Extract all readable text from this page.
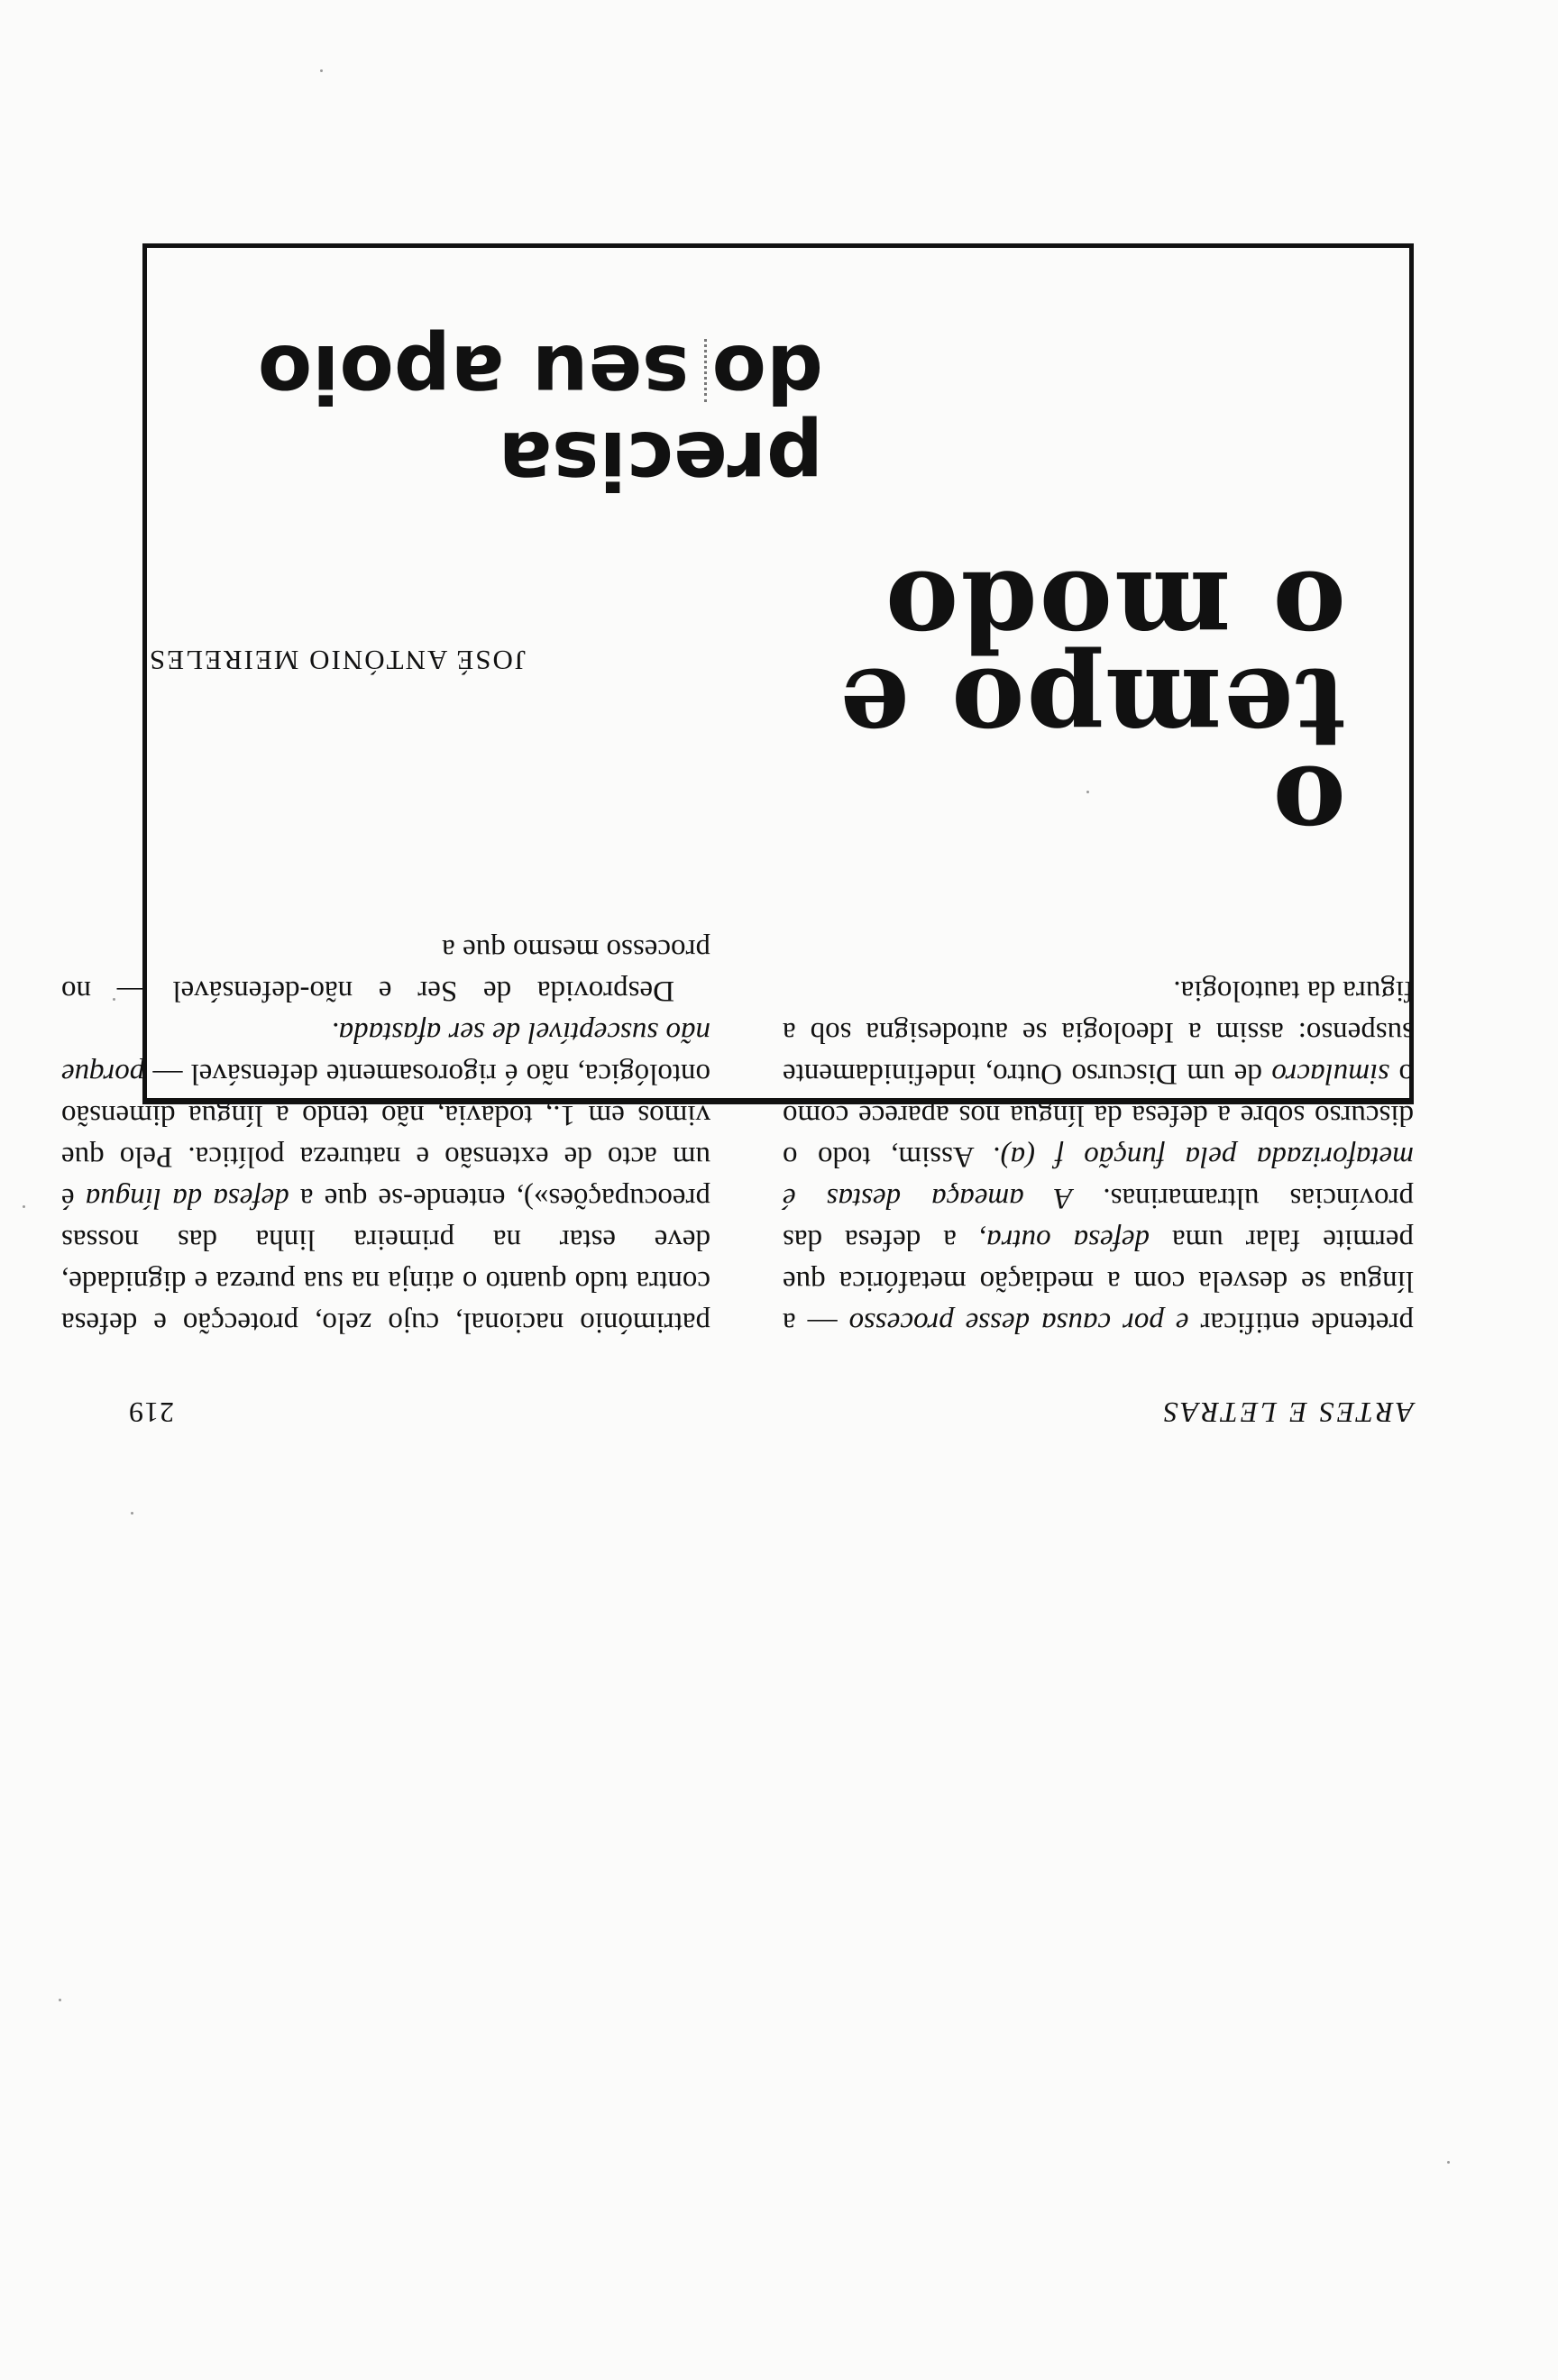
219	ARTES E LETRAS

pretende entificar e por causa desse processo — a língua se desvela com a mediação metafórica que permite falar uma defesa outra, a defesa das províncias ultramarinas. A ameaça destas é metaforizada pela função f (a). Assim, todo o discurso sobre a defesa da língua nos aparece como o simulacro de um Discurso Outro, indefinidamente suspenso: assim a Ideologia se autodesigna sob a figura da tautologia.

património nacional, cujo zelo, protecção e defesa contra tudo quanto o atinja na sua pureza e dignidade, deve estar na primeira linha das nossas preocupações»), entende-se que a defesa da língua é um acto de extensão e natureza política. Pelo que vimos em 1., todavia, não tendo a língua dimensão ontológica, não é rigorosamente defensável — porque não susceptível de ser afastada.

Desprovida de Ser e não-defensável — no processo mesmo que a

JOSÉ ANTÓNIO MEIRELES
o
tempo e
o modo
precisa
doseu apoio
